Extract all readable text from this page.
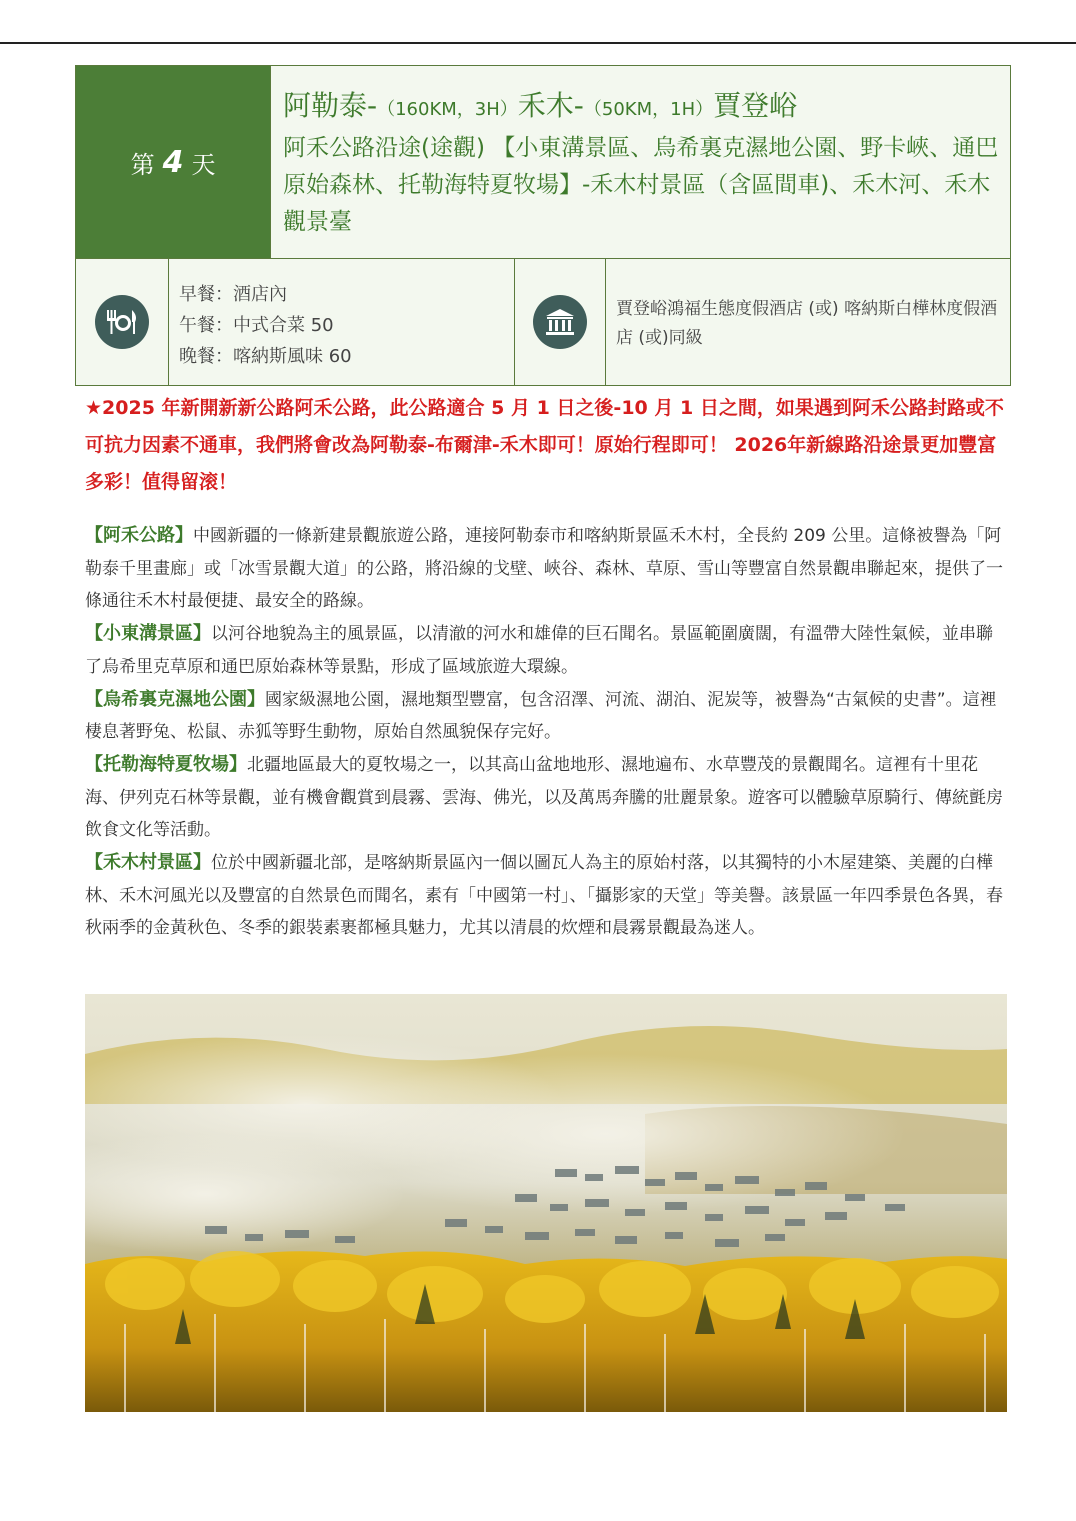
第 4 天
阿勒泰-（160KM，3H）禾木-（50KM，1H）賈登峪
阿禾公路沿途(途觀) 【小東溝景區、烏希裏克濕地公園、野卡峽、通巴原始森林、托勒海特夏牧場】-禾木村景區（含區間車)、禾木河、禾木觀景臺
早餐：酒店內
午餐：中式合菜 50
晚餐：喀納斯風味 60
賈登峪鴻福生態度假酒店 (或) 喀納斯白樺林度假酒店 (或)同級
★2025 年新開新新公路阿禾公路，此公路適合 5 月 1 日之後-10 月 1 日之間，如果遇到阿禾公路封路或不可抗力因素不通車，我們將會改為阿勒泰-布爾津-禾木即可！原始行程即可！ 2026年新線路沿途景更加豐富多彩！值得留滚！

【阿禾公路】中國新疆的一條新建景觀旅遊公路，連接阿勒泰市和喀納斯景區禾木村，全長約 209 公里。這條被譽為「阿勒泰千里畫廊」或「冰雪景觀大道」的公路，將沿線的戈壁、峽谷、森林、草原、雪山等豐富自然景觀串聯起來，提供了一條通往禾木村最便捷、最安全的路線。

【小東溝景區】以河谷地貌為主的風景區，以清澈的河水和雄偉的巨石聞名。景區範圍廣闊，有溫帶大陸性氣候，並串聯了烏希里克草原和通巴原始森林等景點，形成了區域旅遊大環線。

【烏希裏克濕地公園】國家級濕地公園，濕地類型豐富，包含沼澤、河流、湖泊、泥炭等，被譽為“古氣候的史書”。這裡棲息著野兔、松鼠、赤狐等野生動物，原始自然風貌保存完好。

【托勒海特夏牧場】北疆地區最大的夏牧場之一，以其高山盆地地形、濕地遍布、水草豐茂的景觀聞名。這裡有十里花海、伊列克石林等景觀，並有機會觀賞到晨霧、雲海、佛光，以及萬馬奔騰的壯麗景象。遊客可以體驗草原騎行、傳統氈房飲食文化等活動。

【禾木村景區】位於中國新疆北部，是喀納斯景區內一個以圖瓦人為主的原始村落，以其獨特的小木屋建築、美麗的白樺林、禾木河風光以及豐富的自然景色而聞名，素有「中國第一村」、「攝影家的天堂」等美譽。該景區一年四季景色各異，春秋兩季的金黃秋色、冬季的銀裝素裹都極具魅力，尤其以清晨的炊煙和晨霧景觀最為迷人。
